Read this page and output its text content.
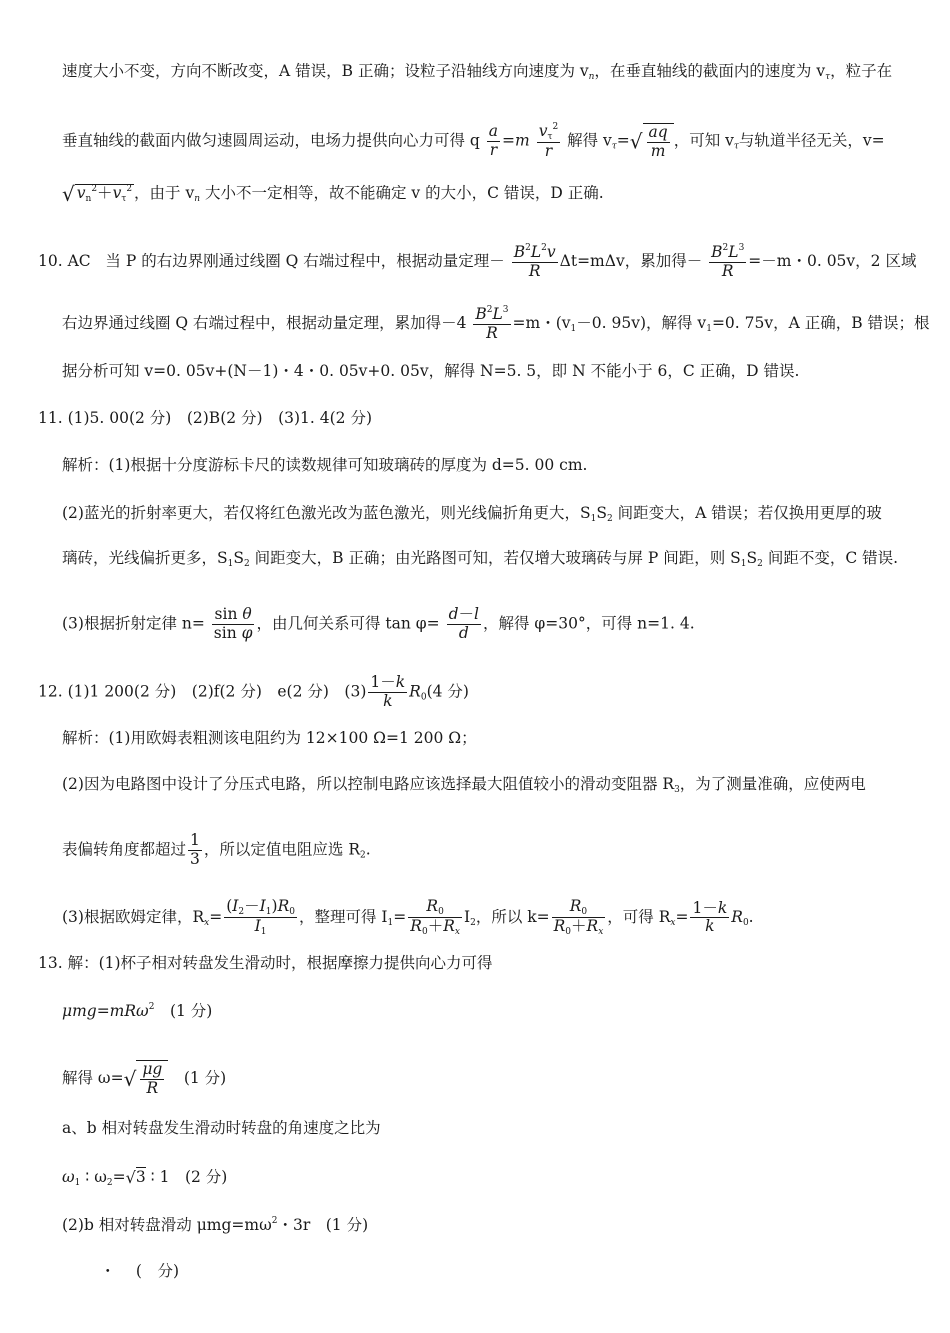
速度大小不变，方向不断改变，A 错误，B 正确；设粒子沿轴线方向速度为 $v_n$，在垂直轴线的截面内的速度为 $v_\tau$，粒子在
垂直轴线的截面内做匀速圆周运动，电场力提供向心力可得 q $\frac{a}{r} =m \frac{v\tau^2}{r}$ 解得 $v_\tau=√ \frac{aq}{m}$ ，可知 $v_\tau$与轨道半径无关，v=
√ $vn^2+v\tau^2$ ，由于 $v_n$ 大小不一定相等，故不能确定 v 的大小，C 错误，D 正确.
10. AC 当 P 的右边界刚通过线圈 Q 右端过程中，根据动量定理－ $\frac{B^2L^2v}{R} \Delta t=m\Delta v$，累加得－ $\frac{B^2L^3}{R} =-m$・0. 05v，2 区域
右边界通过线圈 Q 右端过程中，根据动量定理，累加得$-4 \frac{B^2L^3}{R} =m$・(v1－0. 95v)，解得 v1=0. 75v，A 正确，B 错误；根
据分析可知 v=0. 05v+(N－1)・4・0. 05v+0. 05v，解得 N=5. 5，即 N 不能小于 6，C 正确，D 错误.
11. (1)5. 00(2 分)　(2)B(2 分)　(3)1. 4(2 分)
解析：(1)根据十分度游标卡尺的读数规律可知玻璃砖的厚度为 d=5. 00 cm.
(2)蓝光的折射率更大，若仅将红色激光改为蓝色激光，则光线偏折角更大，S1S2 间距变大，A 错误；若仅换用更厚的玻
璃砖，光线偏折更多，S1S2 间距变大，B 正确；由光路图可知，若仅增大玻璃砖与屏 P 间距，则 S1S2 间距不变，C 错误.
(3)根据折射定律 $n= \frac{\text{sin θ}}{\text{sin φ}}$ ，由几何关系可得 $\tan \varphi= \frac{d-l}{d}$ ，解得 φ=30°，可得 n=1. 4.
12. (1)1 200(2 分)　(2)f(2 分)　e(2 分)　$(3) \frac{1-k}{k} R0(4$ 分)
解析：(1)用欧姆表粗测该电阻约为 12×100 Ω=1 200 Ω；
(2)因为电路图中设计了分压式电路，所以控制电路应该选择最大阻值较小的滑动变阻器 R3，为了测量准确，应使两电
表偏转角度都超过 $\frac{1}{3}$ ，所以定值电阻应选 R2.
(3)根据欧姆定律，$R_x= \frac{(I2-I1)R0}{I1}$ ，整理可得 $I1= \frac{R0}{R0+R_x} I2$，所以 $k= \frac{R0}{R0+R_x}$ ，可得 $R_x= \frac{1-k}{k} R0$.
13. 解：(1)杯子相对转盘发生滑动时，根据摩擦力提供向心力可得
μmg=mRω$^2$　(1 分)
解得 $\omega=√ \frac{\mu g}{R}$ 　(1 分)
a、b 相对转盘发生滑动时转盘的角速度之比为
ω1 ∶ ω2=√3 ∶ 1　(2 分)
(2)b 相对转盘滑动 $\mu mg=m\omega^2$・3r　(1 分)
・　 (　分)
